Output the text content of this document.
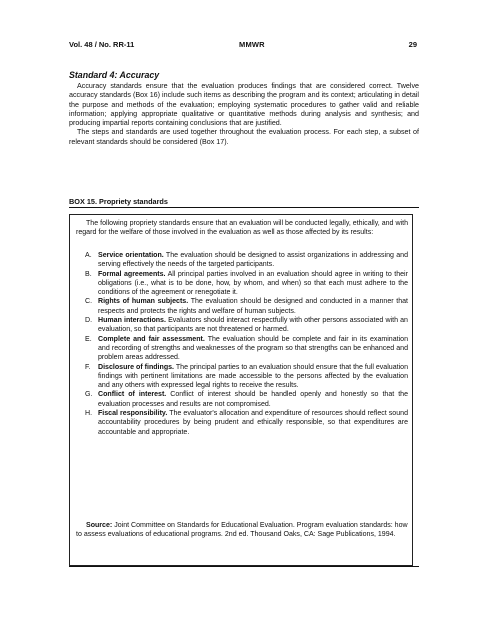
Vol. 48 / No. RR-11	MMWR	29
Standard 4: Accuracy

Accuracy standards ensure that the evaluation produces findings that are considered correct. Twelve accuracy standards (Box 16) include such items as describing the program and its context; articulating in detail the purpose and methods of the evaluation; employing systematic procedures to gather valid and reliable information; applying appropriate qualitative or quantitative methods during analysis and synthesis; and producing impartial reports containing conclusions that are justified.

The steps and standards are used together throughout the evaluation process. For each step, a subset of relevant standards should be considered (Box 17).

BOX 15. Propriety standards

The following propriety standards ensure that an evaluation will be conducted legally, ethically, and with regard for the welfare of those involved in the evaluation as well as those affected by its results:

A. Service orientation. The evaluation should be designed to assist organizations in addressing and serving effectively the needs of the targeted participants.
B. Formal agreements. All principal parties involved in an evaluation should agree in writing to their obligations (i.e., what is to be done, how, by whom, and when) so that each must adhere to the conditions of the agreement or renegotiate it.
C. Rights of human subjects. The evaluation should be designed and conducted in a manner that respects and protects the rights and welfare of human subjects.
D. Human interactions. Evaluators should interact respectfully with other persons associated with an evaluation, so that participants are not threatened or harmed.
E. Complete and fair assessment. The evaluation should be complete and fair in its examination and recording of strengths and weaknesses of the program so that strengths can be enhanced and problem areas addressed.
F. Disclosure of findings. The principal parties to an evaluation should ensure that the full evaluation findings with pertinent limitations are made accessible to the persons affected by the evaluation and any others with expressed legal rights to receive the results.
G. Conflict of interest. Conflict of interest should be handled openly and honestly so that the evaluation processes and results are not compromised.
H. Fiscal responsibility. The evaluator's allocation and expenditure of resources should reflect sound accountability procedures by being prudent and ethically responsible, so that expenditures are accountable and appropriate.

Source: Joint Committee on Standards for Educational Evaluation. Program evaluation standards: how to assess evaluations of educational programs. 2nd ed. Thousand Oaks, CA: Sage Publications, 1994.
